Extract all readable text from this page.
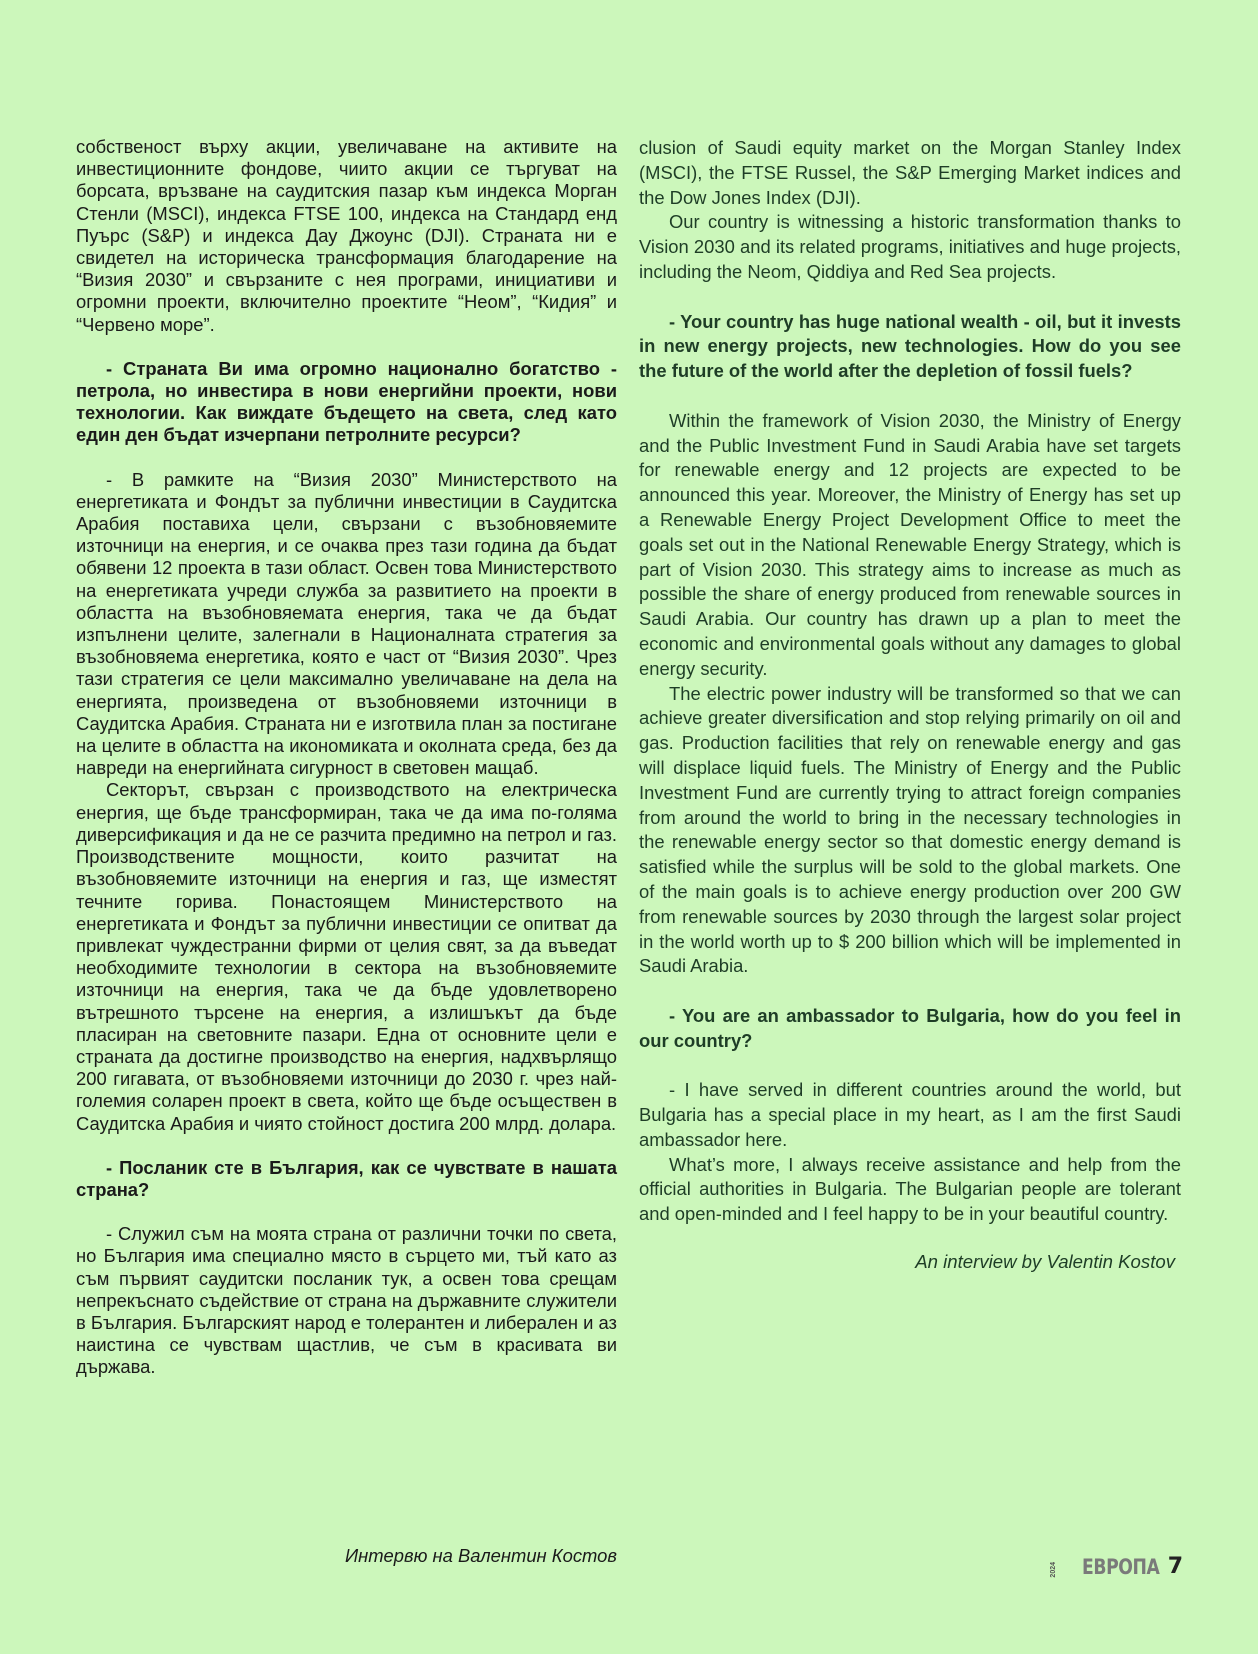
собственост върху акции, увеличаване на активите на инвестиционните фондове, чиито акции се търгуват на борсата, връзване на саудитския пазар към индекса Морган Стенли (MSCI), индекса FTSE 100, индекса на Стандард енд Пуърс (S&P) и индекса Дау Джоунс (DJI). Страната ни е свидетел на историческа трансформация благодарение на “Визия 2030” и свързаните с нея програми, инициативи и огромни проекти, включително проектите “Неом”, “Кидия” и “Червено море”.

- Страната Ви има огромно национално богатство - петрола, но инвестира в нови енергийни проекти, нови технологии. Как виждате бъдещето на света, след като един ден бъдат изчерпани петролните ресурси?

- В рамките на “Визия 2030” Министерството на енергетиката и Фондът за публични инвестиции в Саудитска Арабия поставиха цели, свързани с възобновяемите източници на енергия, и се очаква през тази година да бъдат обявени 12 проекта в тази област. Освен това Министерството на енергетиката учреди служба за развитието на проекти в областта на възобновяемата енергия, така че да бъдат изпълнени целите, залегнали в Националната стратегия за възобновяема енергетика, която е част от “Визия 2030”. Чрез тази стратегия се цели максимално увеличаване на дела на енергията, произведена от възобновяеми източници в Саудитска Арабия. Страната ни е изготвила план за постигане на целите в областта на икономиката и околната среда, без да навреди на енергийната сигурност в световен мащаб.

Секторът, свързан с производството на електрическа енергия, ще бъде трансформиран, така че да има по-голяма диверсификация и да не се разчита предимно на петрол и газ. Производствените мощности, които разчитат на възобновяемите източници на енергия и газ, ще изместят течните горива. Понастоящем Министерството на енергетиката и Фондът за публични инвестиции се опитват да привлекат чуждестранни фирми от целия свят, за да въведат необходимите технологии в сектора на възобновяемите източници на енергия, така че да бъде удовлетворено вътрешното търсене на енергия, а излишъкът да бъде пласиран на световните пазари. Една от основните цели е страната да достигне производство на енергия, надхвърлящо 200 гигавата, от възобновяеми източници до 2030 г. чрез най-големия соларен проект в света, който ще бъде осъществен в Саудитска Арабия и чиято стойност достига 200 млрд. долара.

- Посланик сте в България, как се чувствате в нашата страна?

- Служил съм на моята страна от различни точки по света, но България има специално място в сърцето ми, тъй като аз съм първият саудитски посланик тук, а освен това срещам непрекъснато съдействие от страна на държавните служители в България. Българският народ е толерантен и либерален и аз наистина се чувствам щастлив, че съм в красивата ви държава.

Интервю на Валентин Костов

clusion of Saudi equity market on the Morgan Stanley Index (MSCI), the FTSE Russel, the S&P Emerging Market indices and the Dow Jones Index (DJI).

Our country is witnessing a historic transformation thanks to Vision 2030 and its related programs, initiatives and huge projects, including the Neom, Qiddiya and Red Sea projects.

- Your country has huge national wealth - oil, but it invests in new energy projects, new technologies. How do you see the future of the world after the depletion of fossil fuels?

Within the framework of Vision 2030, the Ministry of Energy and the Public Investment Fund in Saudi Arabia have set targets for renewable energy and 12 projects are expected to be announced this year. Moreover, the Ministry of Energy has set up a Renewable Energy Project Development Office to meet the goals set out in the National Renewable Energy Strategy, which is part of Vision 2030. This strategy aims to increase as much as possible the share of energy produced from renewable sources in Saudi Arabia. Our country has drawn up a plan to meet the economic and environmental goals without any damages to global energy security.

The electric power industry will be transformed so that we can achieve greater diversification and stop relying primarily on oil and gas. Production facilities that rely on renewable energy and gas will displace liquid fuels. The Ministry of Energy and the Public Investment Fund are currently trying to attract foreign companies from around the world to bring in the necessary technologies in the renewable energy sector so that domestic energy demand is satisfied while the surplus will be sold to the global markets. One of the main goals is to achieve energy production over 200 GW from renewable sources by 2030 through the largest solar project in the world worth up to $ 200 billion which will be implemented in Saudi Arabia.

- You are an ambassador to Bulgaria, how do you feel in our country?

- I have served in different countries around the world, but Bulgaria has a special place in my heart, as I am the first Saudi ambassador here.

What’s more, I always receive assistance and help from the official authorities in Bulgaria. The Bulgarian people are tolerant and open-minded and I feel happy to be in your beautiful country.

An interview by Valentin Kostov
2024 ЕВРОПА 7
